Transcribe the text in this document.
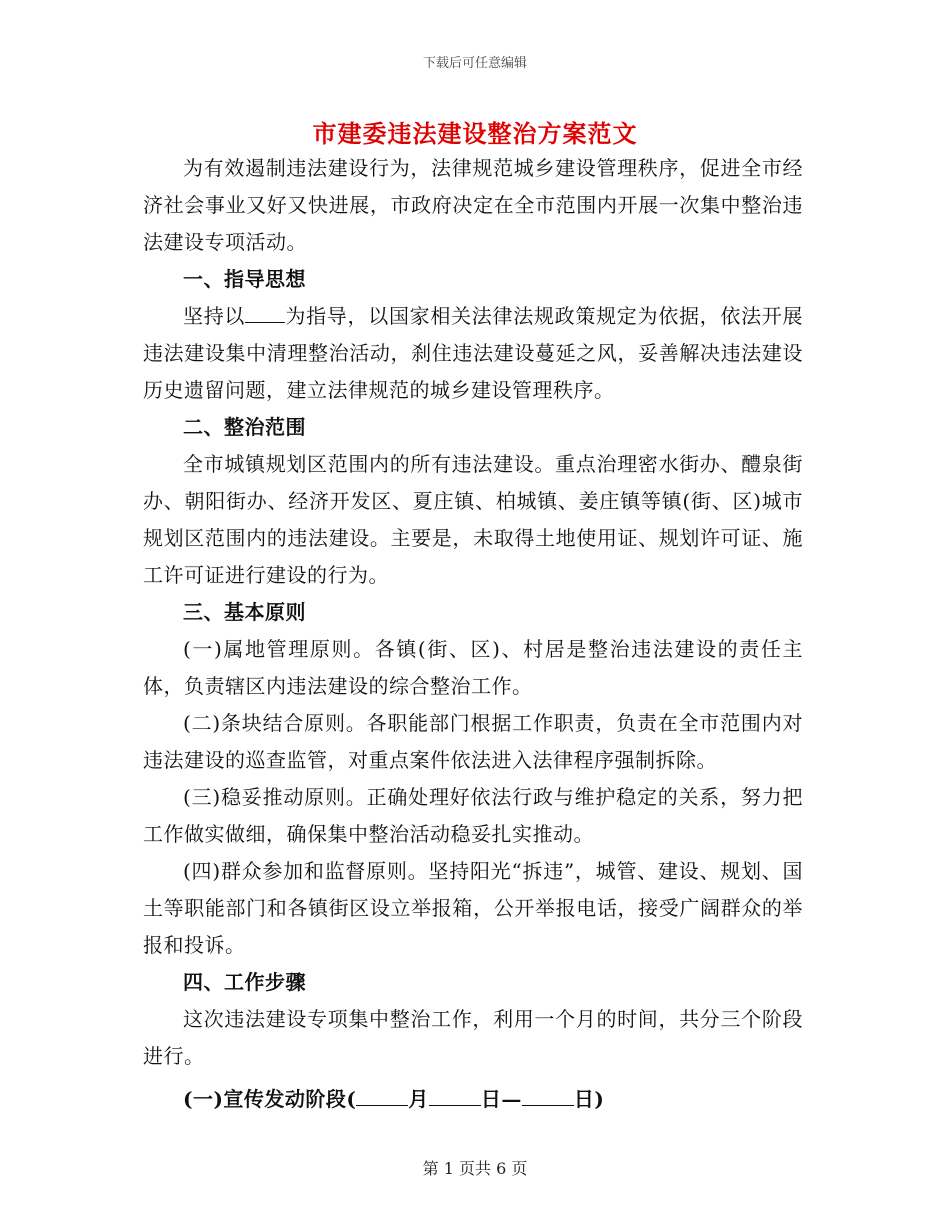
下载后可任意编辑
市建委违法建设整治方案范文

为有效遏制违法建设行为，法律规范城乡建设管理秩序，促进全市经济社会事业又好又快进展，市政府决定在全市范围内开展一次集中整治违法建设专项活动。

一、指导思想

坚持以 为指导，以国家相关法律法规政策规定为依据，依法开展违法建设集中清理整治活动，刹住违法建设蔓延之风，妥善解决违法建设历史遗留问题，建立法律规范的城乡建设管理秩序。

二、整治范围

全市城镇规划区范围内的所有违法建设。重点治理密水街办、醴泉街办、朝阳街办、经济开发区、夏庄镇、柏城镇、姜庄镇等镇(街、区)城市规划区范围内的违法建设。主要是，未取得土地使用证、规划许可证、施工许可证进行建设的行为。

三、基本原则

(一)属地管理原则。各镇(街、区)、村居是整治违法建设的责任主体，负责辖区内违法建设的综合整治工作。

(二)条块结合原则。各职能部门根据工作职责，负责在全市范围内对违法建设的巡查监管，对重点案件依法进入法律程序强制拆除。

(三)稳妥推动原则。正确处理好依法行政与维护稳定的关系，努力把工作做实做细，确保集中整治活动稳妥扎实推动。

(四)群众参加和监督原则。坚持阳光“拆违”，城管、建设、规划、国土等职能部门和各镇街区设立举报箱，公开举报电话，接受广阔群众的举报和投诉。

四、工作步骤

这次违法建设专项集中整治工作，利用一个月的时间，共分三个阶段进行。

(一)宣传发动阶段(	月	日—	日)

第 1 页共 6 页
